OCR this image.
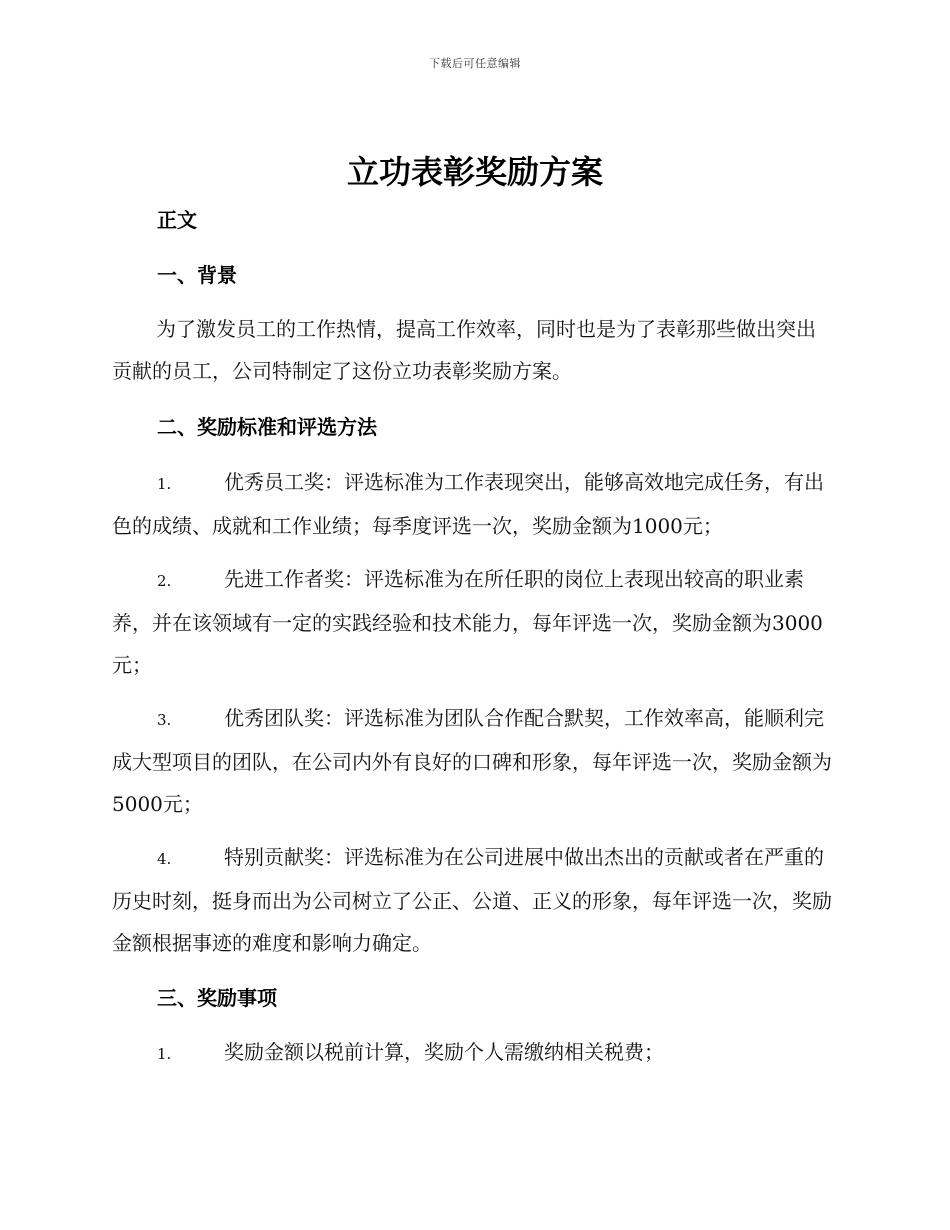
下载后可任意编辑
立功表彰奖励方案
正文
一、背景

为了激发员工的工作热情，提高工作效率，同时也是为了表彰那些做出突出贡献的员工，公司特制定了这份立功表彰奖励方案。

二、奖励标准和评选方法

1.	优秀员工奖：评选标准为工作表现突出，能够高效地完成任务，有出色的成绩、成就和工作业绩；每季度评选一次，奖励金额为1000元；

2.	先进工作者奖：评选标准为在所任职的岗位上表现出较高的职业素养，并在该领域有一定的实践经验和技术能力，每年评选一次，奖励金额为3000元；

3.	优秀团队奖：评选标准为团队合作配合默契，工作效率高，能顺利完成大型项目的团队，在公司内外有良好的口碑和形象，每年评选一次，奖励金额为5000元；

4.	特别贡献奖：评选标准为在公司进展中做出杰出的贡献或者在严重的历史时刻，挺身而出为公司树立了公正、公道、正义的形象，每年评选一次，奖励金额根据事迹的难度和影响力确定。

三、奖励事项

1.	奖励金额以税前计算，奖励个人需缴纳相关税费；
